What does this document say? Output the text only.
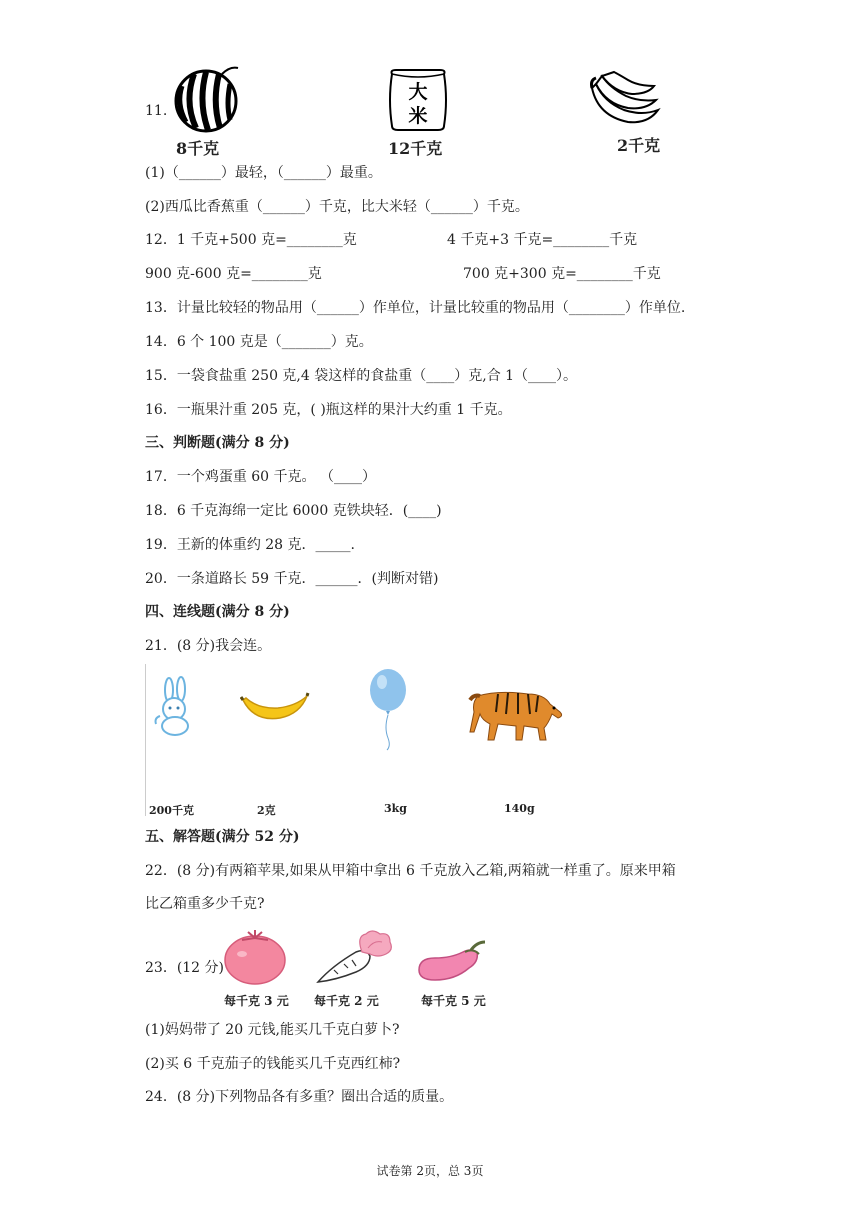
11.
8千克
大
米
12千克	2千克
(1)（______）最轻，（______）最重。
(2)西瓜比香蕉重（______）千克，比大米轻（______）千克。
12．1 千克+500 克=________克	4 千克+3 千克=________千克
900 克-600 克=________克	700 克+300 克=________千克
13．计量比较轻的物品用（______）作单位，计量比较重的物品用（________）作单位.
14．6 个 100 克是（_______）克。
15．一袋食盐重 250 克,4 袋这样的食盐重（____）克,合 1（____）。
16．一瓶果汁重 205 克，( )瓶这样的果汁大约重 1 千克。
三、判断题(满分 8 分)
17．一个鸡蛋重 60 千克。 （____）
18．6 千克海绵一定比 6000 克铁块轻．(____)
19．王新的体重约 28 克．_____.
20．一条道路长 59 千克．______．(判断对错)
四、连线题(满分 8 分)
21．(8 分)我会连。
200千克	2克	3kg	140g
五、解答题(满分 52 分)
22．(8 分)有两箱苹果,如果从甲箱中拿出 6 千克放入乙箱,两箱就一样重了。原来甲箱
比乙箱重多少千克?
23．(12 分)
每千克 3 元 每千克 2 元	每千克 5 元
(1)妈妈带了 20 元钱,能买几千克白萝卜?
(2)买 6 千克茄子的钱能买几千克西红柿?
24．(8 分)下列物品各有多重？圈出合适的质量。
试卷第 2页，总 3页
